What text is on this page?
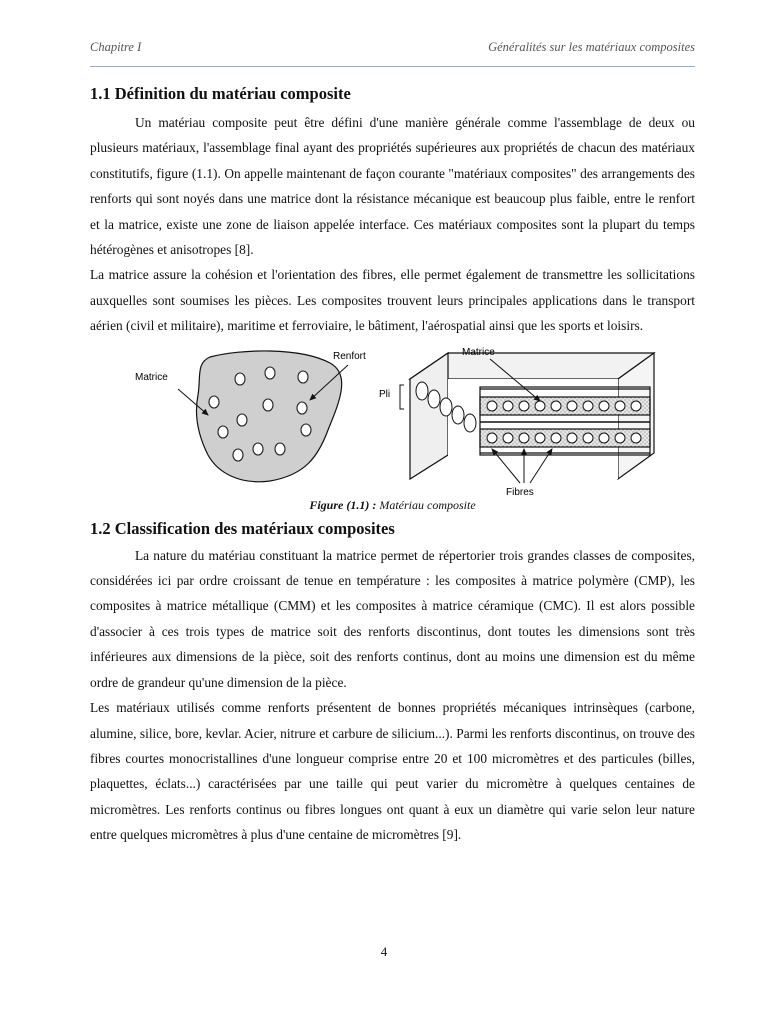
Chapitre I	Généralités sur les matériaux composites
1.1 Définition du matériau composite

Un matériau composite peut être défini d'une manière générale comme l'assemblage de deux ou plusieurs matériaux, l'assemblage final ayant des propriétés supérieures aux propriétés de chacun des matériaux constitutifs, figure (1.1). On appelle maintenant de façon courante "matériaux composites" des arrangements des renforts qui sont noyés dans une matrice dont la résistance mécanique est beaucoup plus faible, entre le renfort et la matrice, existe une zone de liaison appelée interface. Ces matériaux composites sont la plupart du temps hétérogènes et anisotropes [8].

La matrice assure la cohésion et l'orientation des fibres, elle permet également de transmettre les sollicitations auxquelles sont soumises les pièces. Les composites trouvent leurs principales applications dans le transport aérien (civil et militaire), maritime et ferroviaire, le bâtiment, l'aérospatial ainsi que les sports et loisirs.

Matrice
Renfort	Matrice
Pli
Fibres
Figure (1.1) : Matériau composite
1.2 Classification des matériaux composites

La nature du matériau constituant la matrice permet de répertorier trois grandes classes de composites, considérées ici par ordre croissant de tenue en température : les composites à matrice polymère (CMP), les composites à matrice métallique (CMM) et les composites à matrice céramique (CMC). Il est alors possible d'associer à ces trois types de matrice soit des renforts discontinus, dont toutes les dimensions sont très inférieures aux dimensions de la pièce, soit des renforts continus, dont au moins une dimension est du même ordre de grandeur qu'une dimension de la pièce.

Les matériaux utilisés comme renforts présentent de bonnes propriétés mécaniques intrinsèques (carbone, alumine, silice, bore, kevlar. Acier, nitrure et carbure de silicium...). Parmi les renforts discontinus, on trouve des fibres courtes monocristallines d'une longueur comprise entre 20 et 100 micromètres et des particules (billes, plaquettes, éclats...) caractérisées par une taille qui peut varier du micromètre à quelques centaines de micromètres. Les renforts continus ou fibres longues ont quant à eux un diamètre qui varie selon leur nature entre quelques micromètres à plus d'une centaine de micromètres [9].

4
